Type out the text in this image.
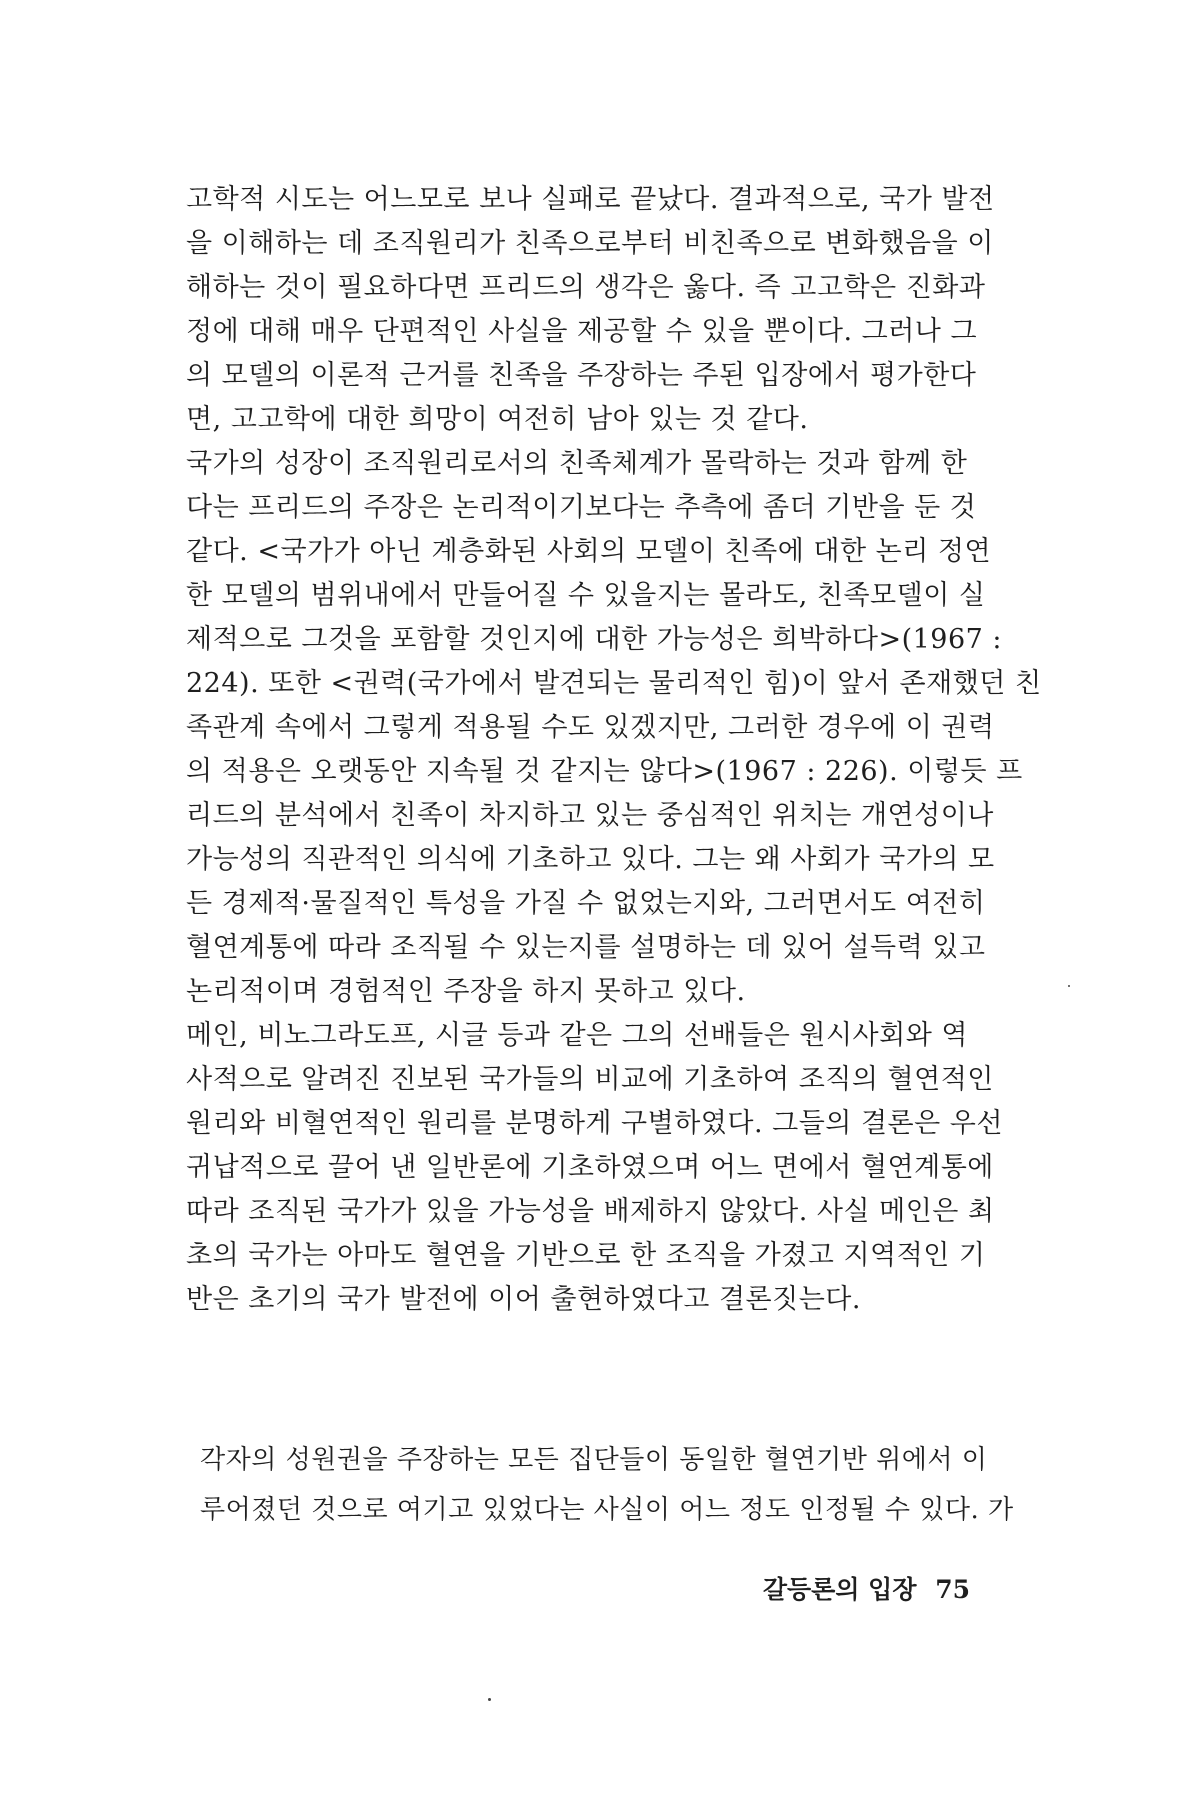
고학적 시도는 어느모로 보나 실패로 끝났다. 결과적으로, 국가 발전
을 이해하는 데 조직원리가 친족으로부터 비친족으로 변화했음을 이
해하는 것이 필요하다면 프리드의 생각은 옳다. 즉 고고학은 진화과
정에 대해 매우 단편적인 사실을 제공할 수 있을 뿐이다. 그러나 그
의 모델의 이론적 근거를 친족을 주장하는 주된 입장에서 평가한다
면, 고고학에 대한 희망이 여전히 남아 있는 것 같다.
국가의 성장이 조직원리로서의 친족체계가 몰락하는 것과 함께 한
다는 프리드의 주장은 논리적이기보다는 추측에 좀더 기반을 둔 것
같다. <국가가 아닌 계층화된 사회의 모델이 친족에 대한 논리 정연
한 모델의 범위내에서 만들어질 수 있을지는 몰라도, 친족모델이 실
제적으로 그것을 포함할 것인지에 대한 가능성은 희박하다>(1967 :
224). 또한 <권력(국가에서 발견되는 물리적인 힘)이 앞서 존재했던 친
족관계 속에서 그렇게 적용될 수도 있겠지만, 그러한 경우에 이 권력
의 적용은 오랫동안 지속될 것 같지는 않다>(1967 : 226). 이렇듯 프
리드의 분석에서 친족이 차지하고 있는 중심적인 위치는 개연성이나
가능성의 직관적인 의식에 기초하고 있다. 그는 왜 사회가 국가의 모
든 경제적·물질적인 특성을 가질 수 없었는지와, 그러면서도 여전히
혈연계통에 따라 조직될 수 있는지를 설명하는 데 있어 설득력 있고
논리적이며 경험적인 주장을 하지 못하고 있다.
메인, 비노그라도프, 시글 등과 같은 그의 선배들은 원시사회와 역
사적으로 알려진 진보된 국가들의 비교에 기초하여 조직의 혈연적인
원리와 비혈연적인 원리를 분명하게 구별하였다. 그들의 결론은 우선
귀납적으로 끌어 낸 일반론에 기초하였으며 어느 면에서 혈연계통에
따라 조직된 국가가 있을 가능성을 배제하지 않았다. 사실 메인은 최
초의 국가는 아마도 혈연을 기반으로 한 조직을 가졌고 지역적인 기
반은 초기의 국가 발전에 이어 출현하였다고 결론짓는다.
각자의 성원권을 주장하는 모든 집단들이 동일한 혈연기반 위에서 이
루어졌던 것으로 여기고 있었다는 사실이 어느 정도 인정될 수 있다. 가
갈등론의 입장 75
